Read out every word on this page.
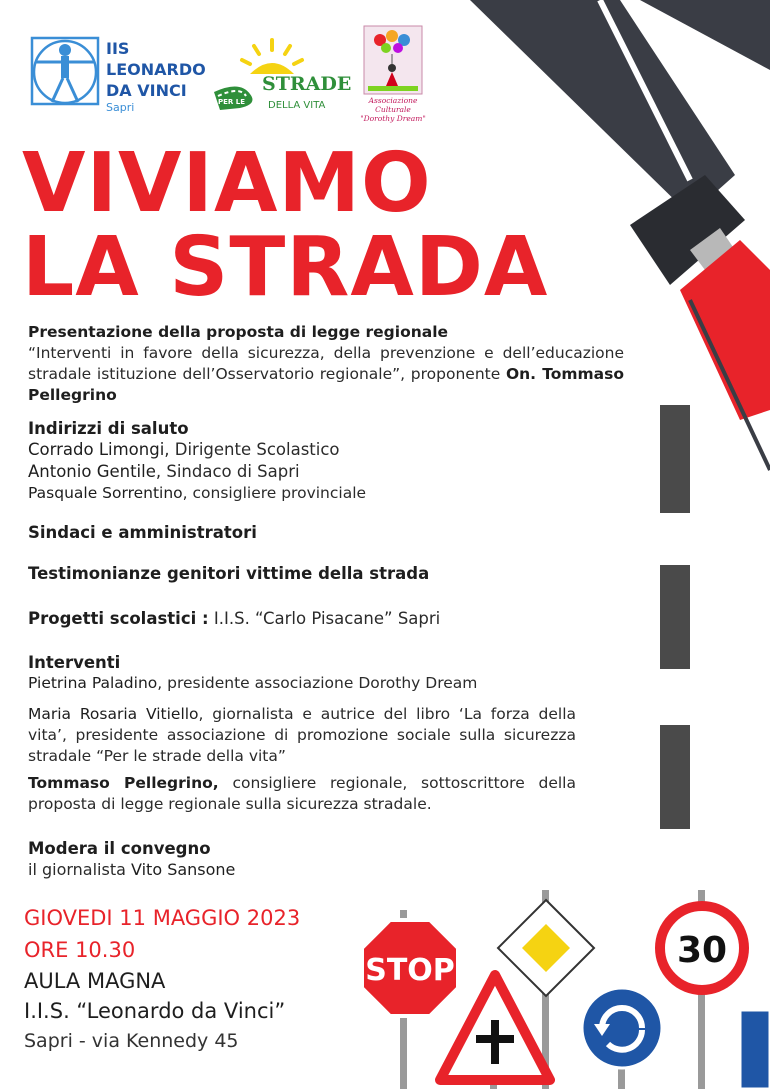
IIS
LEONARDO
DA VINCI
Sapri	PER LE
STRADE
DELLA VITA	Associazione Culturale
"Dorothy Dream"
VIVIAMO
LA STRADA

Presentazione della proposta di legge regionale

“Interventi in favore della sicurezza, della prevenzione e dell’educazione stradale istituzione dell’Osservatorio regionale”, proponente On. Tommaso Pellegrino

Indirizzi di saluto

Corrado Limongi, Dirigente Scolastico

Antonio Gentile, Sindaco di Sapri

Pasquale Sorrentino, consigliere provinciale

Sindaci e amministratori

Testimonianze genitori vittime della strada

Progetti scolastici : I.I.S. “Carlo Pisacane” Sapri

Interventi

Pietrina Paladino, presidente associazione Dorothy Dream

Maria Rosaria Vitiello, giornalista e autrice del libro ‘La forza della vita’, presidente associazione di promozione sociale sulla sicurezza stradale “Per le strade della vita”

Tommaso Pellegrino, consigliere regionale, sottoscrittore della proposta di legge regionale sulla sicurezza stradale.

Modera il convegno

il giornalista Vito Sansone

GIOVEDI 11 MAGGIO 2023
ORE 10.30
AULA MAGNA
I.I.S. “Leonardo da Vinci”
Sapri - via Kennedy 45
STOP	30
